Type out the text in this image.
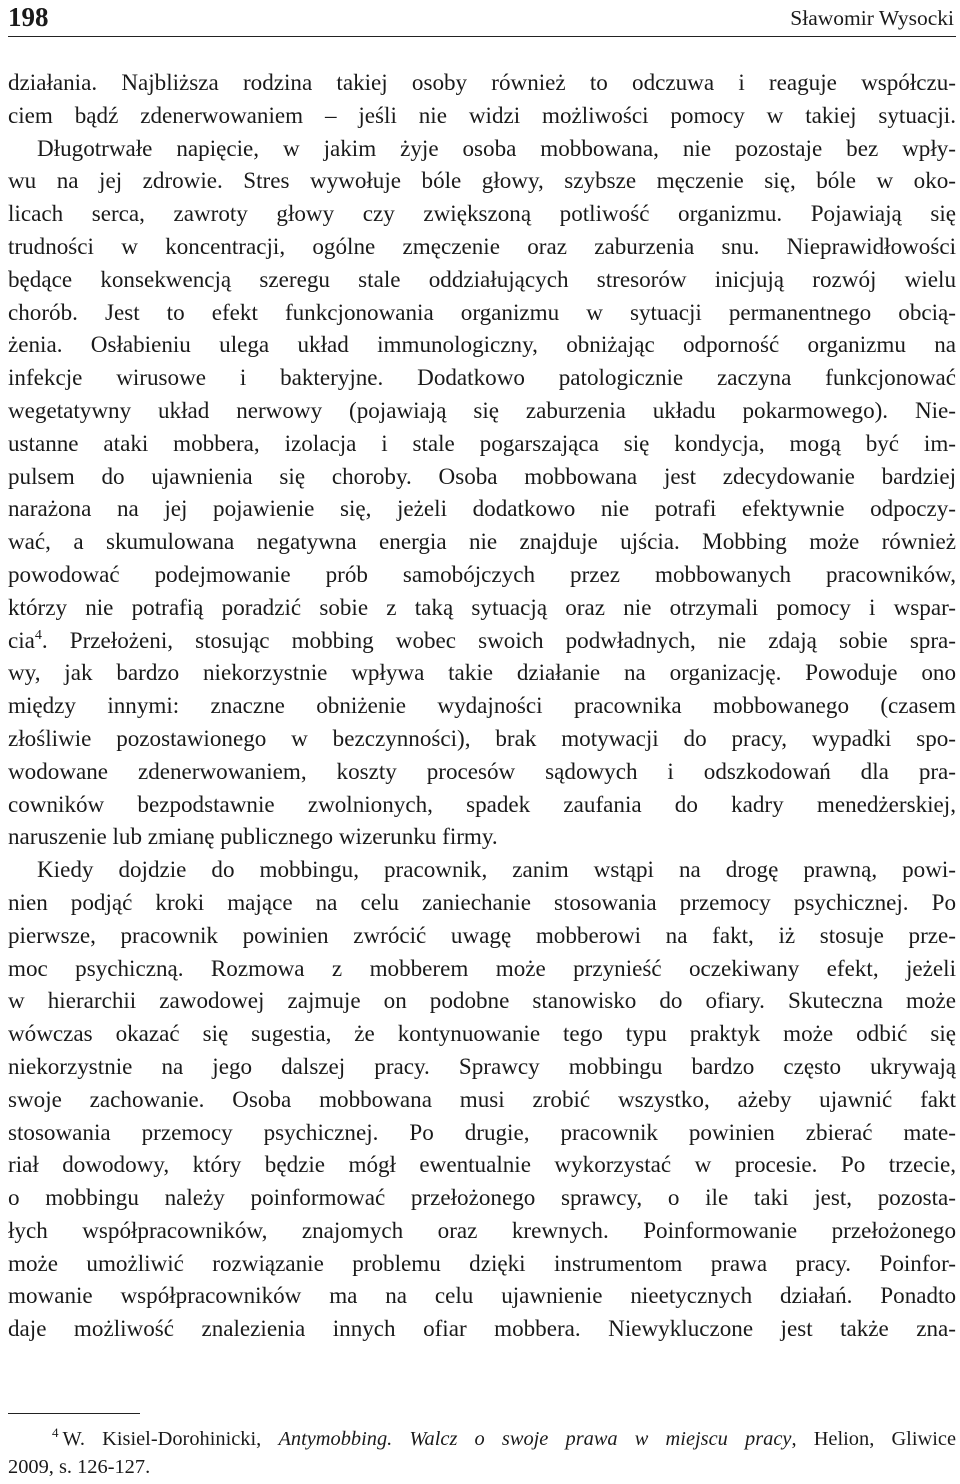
198	Sławomir Wysocki
działania. Najbliższa rodzina takiej osoby również to odczuwa i reaguje współczu-
ciem bądź zdenerwowaniem – jeśli nie widzi możliwości pomocy w takiej sytuacji.
Długotrwałe napięcie, w jakim żyje osoba mobbowana, nie pozostaje bez wpły-
wu na jej zdrowie. Stres wywołuje bóle głowy, szybsze męczenie się, bóle w oko-
licach serca, zawroty głowy czy zwiększoną potliwość organizmu. Pojawiają się
trudności w koncentracji, ogólne zmęczenie oraz zaburzenia snu. Nieprawidłowości
będące konsekwencją szeregu stale oddziałujących stresorów inicjują rozwój wielu
chorób. Jest to efekt funkcjonowania organizmu w sytuacji permanentnego obcią-
żenia. Osłabieniu ulega układ immunologiczny, obniżając odporność organizmu na
infekcje wirusowe i bakteryjne. Dodatkowo patologicznie zaczyna funkcjonować
wegetatywny układ nerwowy (pojawiają się zaburzenia układu pokarmowego). Nie-
ustanne ataki mobbera, izolacja i stale pogarszająca się kondycja, mogą być im-
pulsem do ujawnienia się choroby. Osoba mobbowana jest zdecydowanie bardziej
narażona na jej pojawienie się, jeżeli dodatkowo nie potrafi efektywnie odpoczy-
wać, a skumulowana negatywna energia nie znajduje ujścia. Mobbing może również
powodować podejmowanie prób samobójczych przez mobbowanych pracowników,
którzy nie potrafią poradzić sobie z taką sytuacją oraz nie otrzymali pomocy i wspar-
cia$^4$. Przełożeni, stosując mobbing wobec swoich podwładnych, nie zdają sobie spra-
wy, jak bardzo niekorzystnie wpływa takie działanie na organizację. Powoduje ono
między innymi: znaczne obniżenie wydajności pracownika mobbowanego (czasem
złośliwie pozostawionego w bezczynności), brak motywacji do pracy, wypadki spo-
wodowane zdenerwowaniem, koszty procesów sądowych i odszkodowań dla pra-
cowników bezpodstawnie zwolnionych, spadek zaufania do kadry menedżerskiej,
naruszenie lub zmianę publicznego wizerunku firmy.
Kiedy dojdzie do mobbingu, pracownik, zanim wstąpi na drogę prawną, powi-
nien podjąć kroki mające na celu zaniechanie stosowania przemocy psychicznej. Po
pierwsze, pracownik powinien zwrócić uwagę mobberowi na fakt, iż stosuje prze-
moc psychiczną. Rozmowa z mobberem może przynieść oczekiwany efekt, jeżeli
w hierarchii zawodowej zajmuje on podobne stanowisko do ofiary. Skuteczna może
wówczas okazać się sugestia, że kontynuowanie tego typu praktyk może odbić się
niekorzystnie na jego dalszej pracy. Sprawcy mobbingu bardzo często ukrywają
swoje zachowanie. Osoba mobbowana musi zrobić wszystko, ażeby ujawnić fakt
stosowania przemocy psychicznej. Po drugie, pracownik powinien zbierać mate-
riał dowodowy, który będzie mógł ewentualnie wykorzystać w procesie. Po trzecie,
o mobbingu należy poinformować przełożonego sprawcy, o ile taki jest, pozosta-
łych współpracowników, znajomych oraz krewnych. Poinformowanie przełożonego
może umożliwić rozwiązanie problemu dzięki instrumentom prawa pracy. Poinfor-
mowanie współpracowników ma na celu ujawnienie nieetycznych działań. Ponadto
daje możliwość znalezienia innych ofiar mobbera. Niewykluczone jest także zna-
$^4$ W. Kisiel-Dorohinicki, Antymobbing. Walcz o swoje prawa w miejscu pracy, Helion, Gliwice
2009, s. 126-127.
